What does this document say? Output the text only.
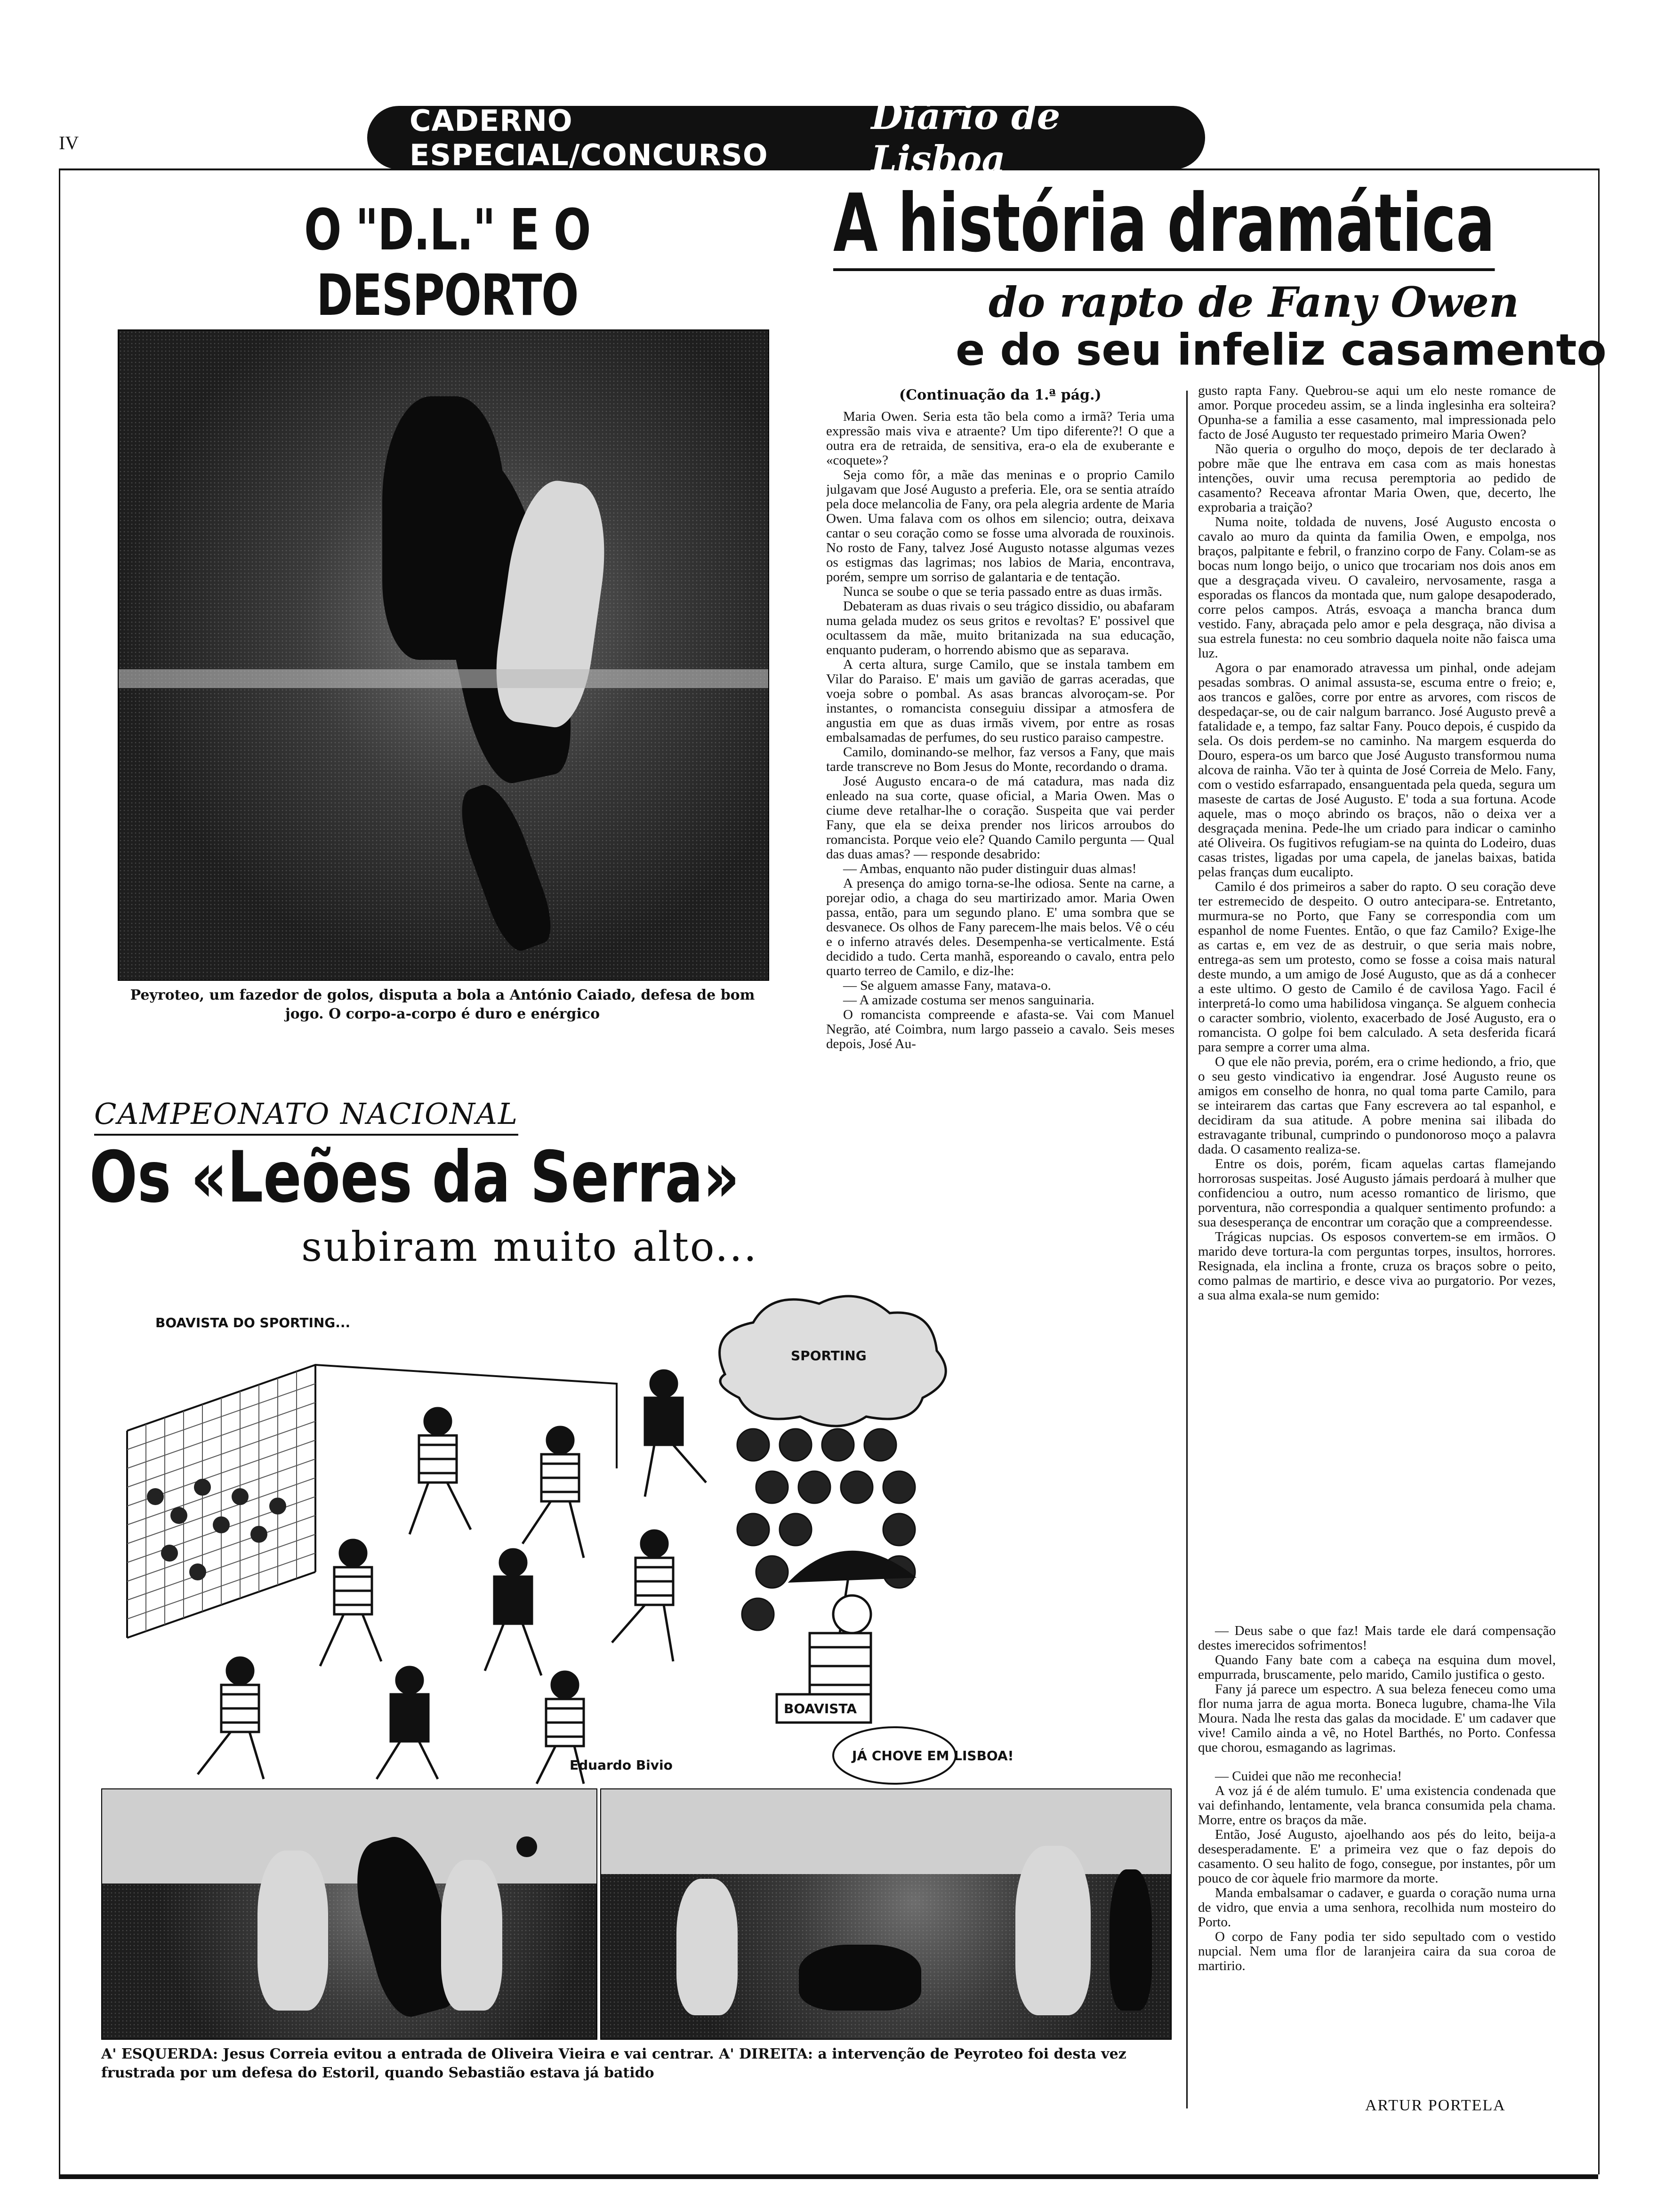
IV
CADERNO ESPECIAL/CONCURSO
Diário de Lisboa
O "D.L." E O DESPORTO
Peyroteo, um fazedor de golos, disputa a bola a António Caiado, defesa de bom jogo. O corpo-a-corpo é duro e enérgico
CAMPEONATO NACIONAL
Os «Leões da Serra»
subiram muito alto...
BOAVISTA DO SPORTING...
Eduardo Bivio
SPORTING
BOAVISTA
JÁ CHOVE EM LISBOA!
A' ESQUERDA: Jesus Correia evitou a entrada de Oliveira Vieira e vai centrar. A' DIREITA: a intervenção de Peyroteo foi desta vez frustrada por um defesa do Estoril, quando Sebastião estava já batido
A história dramática
do rapto de Fany Owen
e do seu infeliz casamento
(Continuação da 1.ª pág.)

Maria Owen. Seria esta tão bela como a irmã? Teria uma expressão mais viva e atraente? Um tipo diferente?! O que a outra era de retraida, de sensitiva, era-o ela de exuberante e «coquete»?

Seja como fôr, a mãe das meninas e o proprio Camilo julgavam que José Augusto a preferia. Ele, ora se sentia atraído pela doce melancolia de Fany, ora pela alegria ardente de Maria Owen. Uma falava com os olhos em silencio; outra, deixava cantar o seu coração como se fosse uma alvorada de rouxinois. No rosto de Fany, talvez José Augusto notasse algumas vezes os estigmas das lagrimas; nos labios de Maria, encontrava, porém, sempre um sorriso de galantaria e de tentação.

Nunca se soube o que se teria passado entre as duas irmãs.

Debateram as duas rivais o seu trágico dissidio, ou abafaram numa gelada mudez os seus gritos e revoltas? E' possivel que ocultassem da mãe, muito britanizada na sua educação, enquanto puderam, o horrendo abismo que as separava.

A certa altura, surge Camilo, que se instala tambem em Vilar do Paraiso. E' mais um gavião de garras aceradas, que voeja sobre o pombal. As asas brancas alvoroçam-se. Por instantes, o romancista conseguiu dissipar a atmosfera de angustia em que as duas irmãs vivem, por entre as rosas embalsamadas de perfumes, do seu rustico paraiso campestre.

Camilo, dominando-se melhor, faz versos a Fany, que mais tarde transcreve no Bom Jesus do Monte, recordando o drama.

José Augusto encara-o de má catadura, mas nada diz enleado na sua corte, quase oficial, a Maria Owen. Mas o ciume deve retalhar-lhe o coração. Suspeita que vai perder Fany, que ela se deixa prender nos liricos arroubos do romancista. Porque veio ele? Quando Camilo pergunta — Qual das duas amas? — responde desabrido:

— Ambas, enquanto não puder distinguir duas almas!

A presença do amigo torna-se-lhe odiosa. Sente na carne, a porejar odio, a chaga do seu martirizado amor. Maria Owen passa, então, para um segundo plano. E' uma sombra que se desvanece. Os olhos de Fany parecem-lhe mais belos. Vê o céu e o inferno através deles. Desempenha-se verticalmente. Está decidido a tudo. Certa manhã, esporeando o cavalo, entra pelo quarto terreo de Camilo, e diz-lhe:

— Se alguem amasse Fany, matava-o.

— A amizade costuma ser menos sanguinaria.

O romancista compreende e afasta-se. Vai com Manuel Negrão, até Coimbra, num largo passeio a cavalo. Seis meses depois, José Au-

gusto rapta Fany. Quebrou-se aqui um elo neste romance de amor. Porque procedeu assim, se a linda inglesinha era solteira? Opunha-se a familia a esse casamento, mal impressionada pelo facto de José Augusto ter requestado primeiro Maria Owen?

Não queria o orgulho do moço, depois de ter declarado à pobre mãe que lhe entrava em casa com as mais honestas intenções, ouvir uma recusa peremptoria ao pedido de casamento? Receava afrontar Maria Owen, que, decerto, lhe exprobaria a traição?

Numa noite, toldada de nuvens, José Augusto encosta o cavalo ao muro da quinta da familia Owen, e empolga, nos braços, palpitante e febril, o franzino corpo de Fany. Colam-se as bocas num longo beijo, o unico que trocariam nos dois anos em que a desgraçada viveu. O cavaleiro, nervosamente, rasga a esporadas os flancos da montada que, num galope desapoderado, corre pelos campos. Atrás, esvoaça a mancha branca dum vestido. Fany, abraçada pelo amor e pela desgraça, não divisa a sua estrela funesta: no ceu sombrio daquela noite não faisca uma luz.

Agora o par enamorado atravessa um pinhal, onde adejam pesadas sombras. O animal assusta-se, escuma entre o freio; e, aos trancos e galões, corre por entre as arvores, com riscos de despedaçar-se, ou de cair nalgum barranco. José Augusto prevê a fatalidade e, a tempo, faz saltar Fany. Pouco depois, é cuspido da sela. Os dois perdem-se no caminho. Na margem esquerda do Douro, espera-os um barco que José Augusto transformou numa alcova de rainha. Vão ter à quinta de José Correia de Melo. Fany, com o vestido esfarrapado, ensanguentada pela queda, segura um maseste de cartas de José Augusto. E' toda a sua fortuna. Acode aquele, mas o moço abrindo os braços, não o deixa ver a desgraçada menina. Pede-lhe um criado para indicar o caminho até Oliveira. Os fugitivos refugiam-se na quinta do Lodeiro, duas casas tristes, ligadas por uma capela, de janelas baixas, batida pelas franças dum eucalipto.

Camilo é dos primeiros a saber do rapto. O seu coração deve ter estremecido de despeito. O outro antecipara-se. Entretanto, murmura-se no Porto, que Fany se correspondia com um espanhol de nome Fuentes. Então, o que faz Camilo? Exige-lhe as cartas e, em vez de as destruir, o que seria mais nobre, entrega-as sem um protesto, como se fosse a coisa mais natural deste mundo, a um amigo de José Augusto, que as dá a conhecer a este ultimo. O gesto de Camilo é de cavilosa Yago. Facil é interpretá-lo como uma habilidosa vingança. Se alguem conhecia o caracter sombrio, violento, exacerbado de José Augusto, era o romancista. O golpe foi bem calculado. A seta desferida ficará para sempre a correr uma alma.

O que ele não previa, porém, era o crime hediondo, a frio, que o seu gesto vindicativo ia engendrar. José Augusto reune os amigos em conselho de honra, no qual toma parte Camilo, para se inteirarem das cartas que Fany escrevera ao tal espanhol, e decidiram da sua atitude. A pobre menina sai ilibada do estravagante tribunal, cumprindo o pundonoroso moço a palavra dada. O casamento realiza-se.

Entre os dois, porém, ficam aquelas cartas flamejando horrorosas suspeitas. José Augusto jámais perdoará à mulher que confidenciou a outro, num acesso romantico de lirismo, que porventura, não correspondia a qualquer sentimento profundo: a sua desesperança de encontrar um coração que a compreendesse.

Trágicas nupcias. Os esposos convertem-se em irmãos. O marido deve tortura-la com perguntas torpes, insultos, horrores. Resignada, ela inclina a fronte, cruza os braços sobre o peito, como palmas de martirio, e desce viva ao purgatorio. Por vezes, a sua alma exala-se num gemido:

— Deus sabe o que faz! Mais tarde ele dará compensação destes imerecidos sofrimentos!

Quando Fany bate com a cabeça na esquina dum movel, empurrada, bruscamente, pelo marido, Camilo justifica o gesto.

Fany já parece um espectro. A sua beleza feneceu como uma flor numa jarra de agua morta. Boneca lugubre, chama-lhe Vila Moura. Nada lhe resta das galas da mocidade. E' um cadaver que vive! Camilo ainda a vê, no Hotel Barthés, no Porto. Confessa que chorou, esmagando as lagrimas.

— Cuidei que não me reconhecia!

A voz já é de além tumulo. E' uma existencia condenada que vai definhando, lentamente, vela branca consumida pela chama. Morre, entre os braços da mãe.

Então, José Augusto, ajoelhando aos pés do leito, beija-a desesperadamente. E' a primeira vez que o faz depois do casamento. O seu halito de fogo, consegue, por instantes, pôr um pouco de cor àquele frio marmore da morte.

Manda embalsamar o cadaver, e guarda o coração numa urna de vidro, que envia a uma senhora, recolhida num mosteiro do Porto.

O corpo de Fany podia ter sido sepultado com o vestido nupcial. Nem uma flor de laranjeira caira da sua coroa de martirio.

ARTUR PORTELA
